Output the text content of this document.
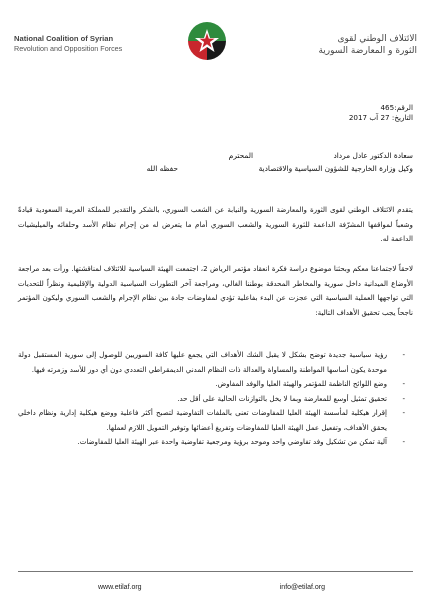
National Coalition of Syrian
Revolution and Opposition Forces
الائتلاف الوطني لقوى
الثورة و المعارضة السورية
الرقم:465
التاريخ: 27 آب 2017
سعادة الدكتور عادل مرداد
المحترم
وكيل وزارة الخارجية للشؤون السياسية والاقتصادية
حفظه الله
يتقدم الائتلاف الوطني لقوى الثورة والمعارضة السورية والنيابة عن الشعب السوري، بالشكر والتقدير للمملكة العربية السعودية قيادةً وشعباً لمواقفها المشرّفة الداعمة للثورة السورية والشعب السوري أمام ما يتعرض له من إجرام نظام الأسد وحلفائه والميليشيات الداعمة له.
لاحقاً لاجتماعنا معكم وبحثنا موضوع دراسة فكرة انعقاد مؤتمر الرياض 2، اجتمعت الهيئة السياسية للائتلاف لمناقشتها. ورأت بعد مراجعة الأوضاع الميدانية داخل سورية والمخاطر المحدقة بوطننا الغالي، ومراجعة آخر التطورات السياسية الدولية والإقليمية ونظراً للتحديات التي تواجهها العملية السياسية التي عجزت عن البدء بفاعلية تؤدي لمفاوضات جادة بين نظام الإجرام والشعب السوري وليكون المؤتمر ناجحاً يجب تحقيق الأهداف التالية:
-
رؤية سياسية جديدة توضح بشكل لا يقبل الشك الأهداف التي يجمع عليها كافة السوريين للوصول إلى سورية المستقبل دولة موحدة يكون أساسها المواطنة والمساواة والعدالة ذات النظام المدني الديمقراطي التعددي دون أي دور للأسد وزمرته فيها.
-
وضع اللوائح الناظمة للمؤتمر والهيئة العليا والوفد المفاوض.
-
تحقيق تمثيل أوسع للمعارضة وبما لا يخل بالتوازنات الحالية على أقل حد.
-
إقرار هيكلية لمأسسة الهيئة العليا للمفاوضات تعنى بالملفات التفاوضية لتصبح أكثر فاعلية ووضع هيكلية إدارية ونظام داخلي يحقق الأهداف، وتفعيل عمل الهيئة العليا للمفاوضات وتفريغ أعضائها وتوفير التمويل اللازم لعملها.
-
آلية تمكن من تشكيل وفد تفاوضي واحد وموحد برؤية ومرجعية تفاوضية واحدة عبر الهيئة العليا للمفاوضات.
www.etilaf.org	info@etilaf.org
